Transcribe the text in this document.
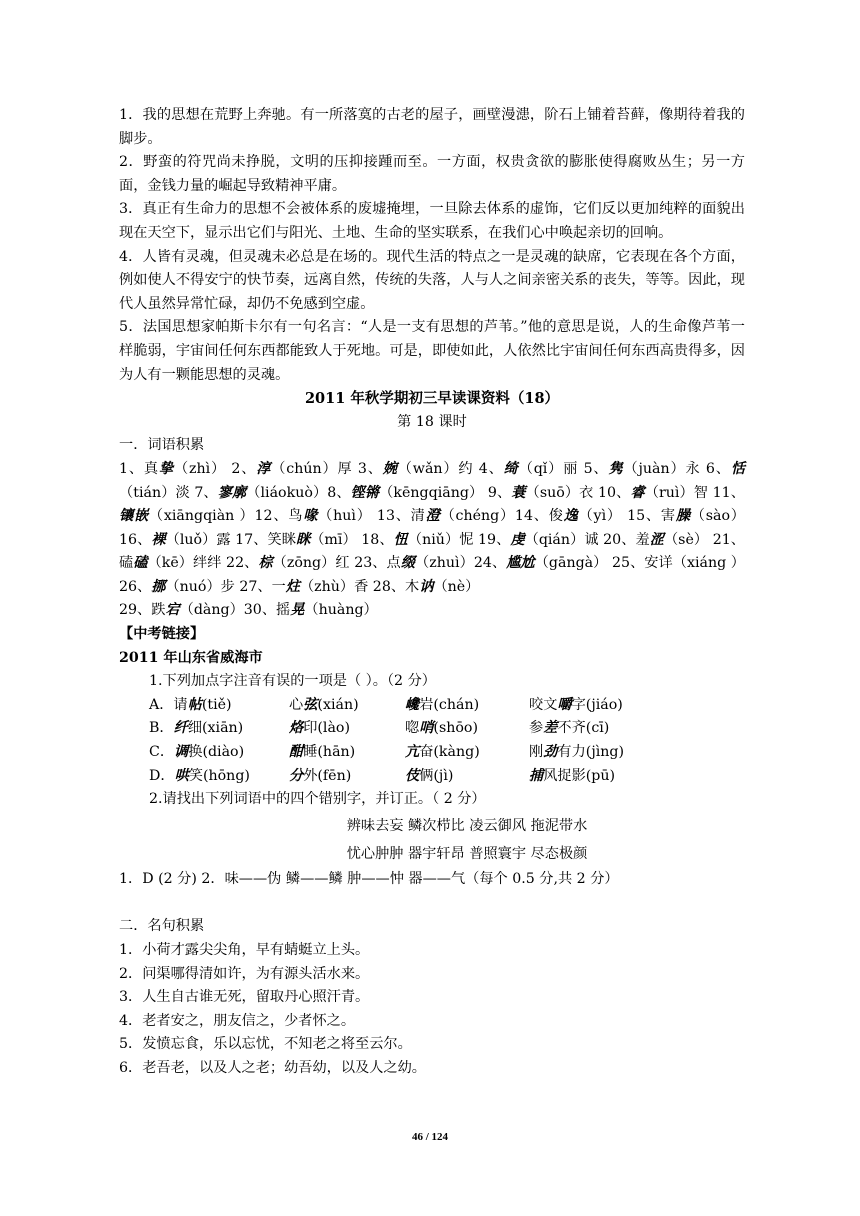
1．我的思想在荒野上奔驰。有一所落寞的古老的屋子，画壁漫漶，阶石上铺着苔藓，像期待着我的脚步。

2．野蛮的符咒尚未挣脱，文明的压抑接踵而至。一方面，权贵贪欲的膨胀使得腐败丛生；另一方面，金钱力量的崛起导致精神平庸。

3．真正有生命力的思想不会被体系的废墟掩埋，一旦除去体系的虚饰，它们反以更加纯粹的面貌出现在天空下，显示出它们与阳光、土地、生命的坚实联系，在我们心中唤起亲切的回响。

4．人皆有灵魂，但灵魂未必总是在场的。现代生活的特点之一是灵魂的缺席，它表现在各个方面，例如使人不得安宁的快节奏，远离自然，传统的失落，人与人之间亲密关系的丧失，等等。因此，现代人虽然异常忙碌，却仍不免感到空虚。

5．法国思想家帕斯卡尔有一句名言：“人是一支有思想的芦苇。”他的意思是说，人的生命像芦苇一样脆弱，宇宙间任何东西都能致人于死地。可是，即使如此，人依然比宇宙间任何东西高贵得多，因为人有一颗能思想的灵魂。

2011 年秋学期初三早读课资料（18）

第 18 课时

一．词语积累

1、真挚（zhì） 2、淳（chún）厚 3、婉（wǎn）约 4、绮（qǐ）丽 5、隽（juàn）永 6、恬（tián）淡 7、寥廓（liáokuò）8、铿锵（kēngqiāng） 9、蓑（suō）衣 10、睿（ruì）智 11、镶嵌（xiāngqiàn ）12、鸟喙（huì） 13、清澄（chéng）14、俊逸（yì） 15、害臊（sào） 16、裸（luǒ）露 17、笑眯眯（mī） 18、忸（niǔ）怩 19、虔（qián）诚 20、羞涩（sè） 21、磕磕（kē）绊绊 22、棕（zōng）红 23、点缀（zhuì）24、尴尬（gāngà） 25、安详（xiáng ）26、挪（nuó）步 27、一炷（zhù）香 28、木讷（nè）

29、跌宕（dàng）30、摇晃（huàng）

【中考链接】

2011 年山东省威海市

1.下列加点字注音有误的一项是（ ）。（2 分）

A．请帖(tiě)	心弦(xián)	巉岩(chán)	咬文嚼字(jiáo)
B．纤细(xiān)	烙印(lào)	唿哨(shōo)	参差不齐(cī)
C．调换(diào)	酣睡(hān)	亢奋(kàng)	刚劲有力(jìng)
D．哄笑(hōng)	分外(fēn)	伎俩(jì)	捕风捉影(pū)

2.请找出下列词语中的四个错别字，并订正。（ 2 分）

辨味去妄 鳞次栉比 凌云御风 拖泥带水

忧心肿肿 器宇轩昂 普照寰宇 尽态极颜

1．D (2 分) 2．味——伪 鳞——鳞 肿——忡 器——气（每个 0.5 分,共 2 分）

二．名句积累

1．小荷才露尖尖角，早有蜻蜓立上头。

2．问渠哪得清如许，为有源头活水来。

3．人生自古谁无死，留取丹心照汗青。

4．老者安之，朋友信之，少者怀之。

5．发愤忘食，乐以忘忧，不知老之将至云尔。

6．老吾老，以及人之老；幼吾幼，以及人之幼。

46 / 124
